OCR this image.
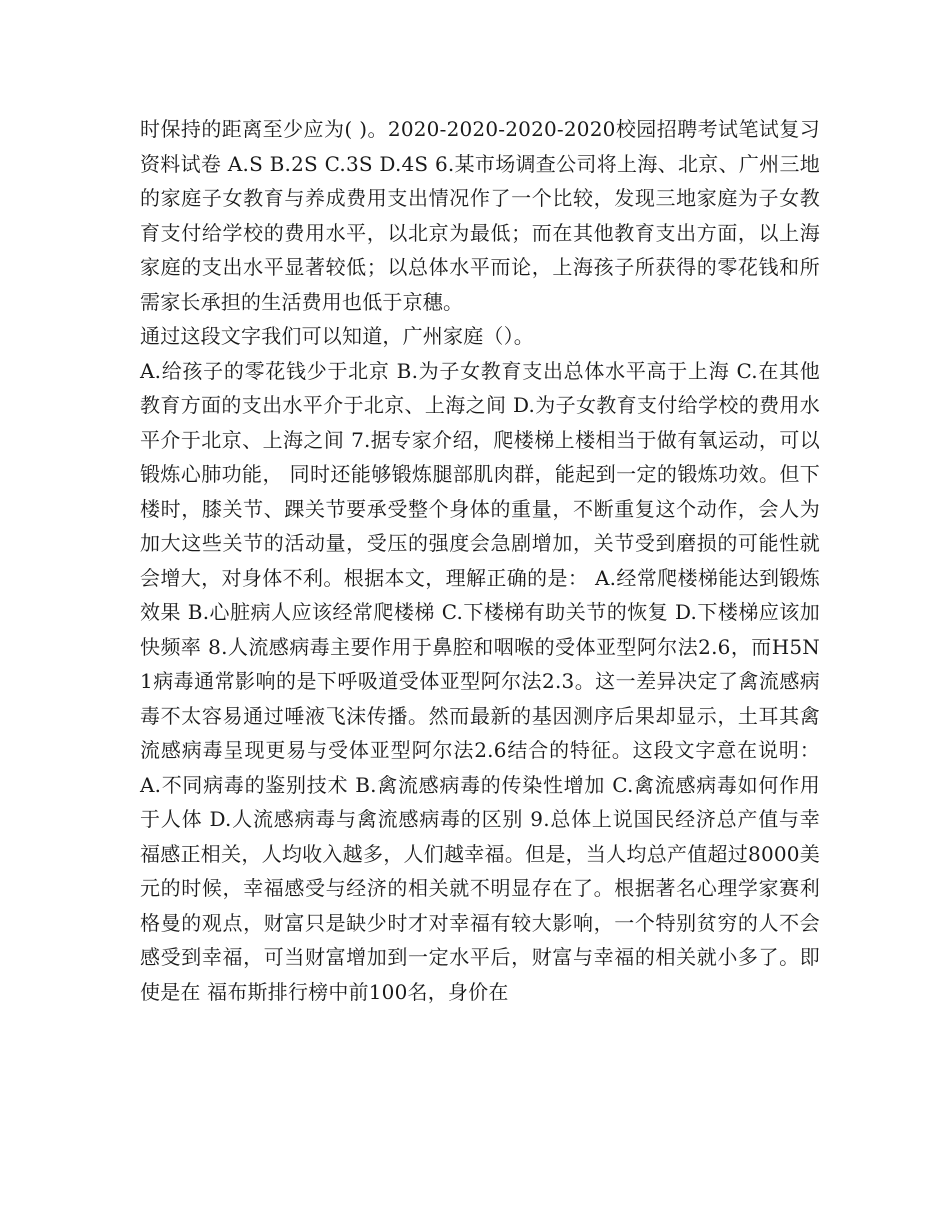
时保持的距离至少应为( )。2020-2020-2020-2020校园招聘考试笔试复习资料试卷 A.S B.2S C.3S D.4S 6.某市场调查公司将上海、北京、广州三地的家庭子女教育与养成费用支出情况作了一个比较，发现三地家庭为子女教育支付给学校的费用水平，以北京为最低；而在其他教育支出方面，以上海家庭的支出水平显著较低；以总体水平而论，上海孩子所获得的零花钱和所需家长承担的生活费用也低于京穗。

通过这段文字我们可以知道，广州家庭（）。

A.给孩子的零花钱少于北京 B.为子女教育支出总体水平高于上海 C.在其他教育方面的支出水平介于北京、上海之间 D.为子女教育支付给学校的费用水平介于北京、上海之间 7.据专家介绍，爬楼梯上楼相当于做有氧运动，可以锻炼心肺功能， 同时还能够锻炼腿部肌肉群，能起到一定的锻炼功效。但下楼时，膝关节、踝关节要承受整个身体的重量，不断重复这个动作，会人为加大这些关节的活动量，受压的强度会急剧增加，关节受到磨损的可能性就会增大，对身体不利。根据本文，理解正确的是： A.经常爬楼梯能达到锻炼效果 B.心脏病人应该经常爬楼梯 C.下楼梯有助关节的恢复 D.下楼梯应该加快频率 8.人流感病毒主要作用于鼻腔和咽喉的受体亚型阿尔法2.6，而H5N1病毒通常影响的是下呼吸道受体亚型阿尔法2.3。这一差异决定了禽流感病毒不太容易通过唾液飞沫传播。然而最新的基因测序后果却显示，土耳其禽流感病毒呈现更易与受体亚型阿尔法2.6结合的特征。这段文字意在说明： A.不同病毒的鉴别技术 B.禽流感病毒的传染性增加 C.禽流感病毒如何作用于人体 D.人流感病毒与禽流感病毒的区别 9.总体上说国民经济总产值与幸福感正相关，人均收入越多，人们越幸福。但是，当人均总产值超过8000美元的时候，幸福感受与经济的相关就不明显存在了。根据著名心理学家赛利格曼的观点，财富只是缺少时才对幸福有较大影响，一个特别贫穷的人不会感受到幸福，可当财富增加到一定水平后，财富与幸福的相关就小多了。即使是在 福布斯排行榜中前100名，身价在
